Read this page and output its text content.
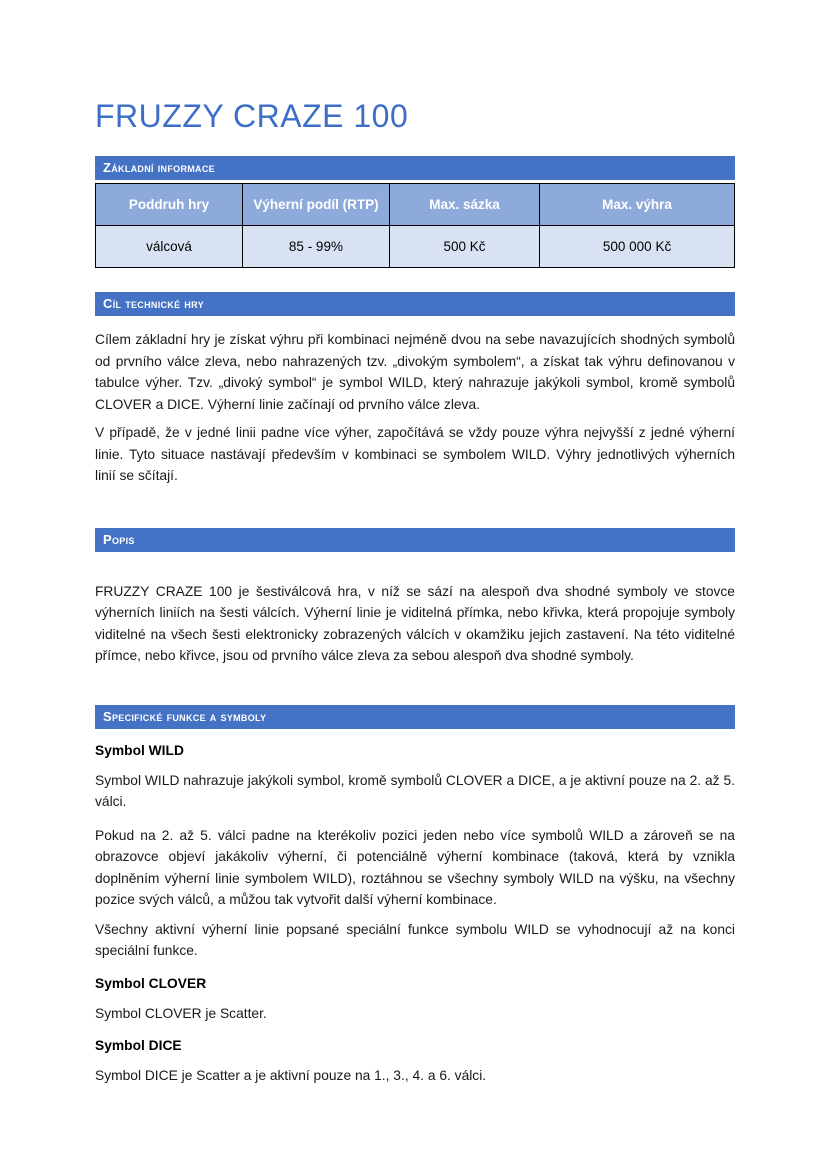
FRUZZY CRAZE 100
Základní informace
Poddruh hry	Výherní podíl (RTP)	Max. sázka	Max. výhra
válcová	85 - 99%	500 Kč	500 000 Kč
Cíl technické hry

Cílem základní hry je získat výhru při kombinaci nejméně dvou na sebe navazujících shodných symbolů od prvního válce zleva, nebo nahrazených tzv. „divokým symbolem“, a získat tak výhru definovanou v tabulce výher. Tzv. „divoký symbol“ je symbol WILD, který nahrazuje jakýkoli symbol, kromě symbolů CLOVER a DICE. Výherní linie začínají od prvního válce zleva.

V případě, že v jedné linii padne více výher, započítává se vždy pouze výhra nejvyšší z jedné výherní linie. Tyto situace nastávají především v kombinaci se symbolem WILD. Výhry jednotlivých výherních linií se sčítají.

Popis

FRUZZY CRAZE 100 je šestiválcová hra, v níž se sází na alespoň dva shodné symboly ve stovce výherních liniích na šesti válcích. Výherní linie je viditelná přímka, nebo křivka, která propojuje symboly viditelné na všech šesti elektronicky zobrazených válcích v okamžiku jejich zastavení. Na této viditelné přímce, nebo křivce, jsou od prvního válce zleva za sebou alespoň dva shodné symboly.

Specifické funkce a symboly
Symbol WILD

Symbol WILD nahrazuje jakýkoli symbol, kromě symbolů CLOVER a DICE, a je aktivní pouze na 2. až 5. válci.

Pokud na 2. až 5. válci padne na kterékoliv pozici jeden nebo více symbolů WILD a zároveň se na obrazovce objeví jakákoliv výherní, či potenciálně výherní kombinace (taková, která by vznikla doplněním výherní linie symbolem WILD), roztáhnou se všechny symboly WILD na výšku, na všechny pozice svých válců, a můžou tak vytvořit další výherní kombinace.

Všechny aktivní výherní linie popsané speciální funkce symbolu WILD se vyhodnocují až na konci speciální funkce.

Symbol CLOVER

Symbol CLOVER je Scatter.

Symbol DICE

Symbol DICE je Scatter a je aktivní pouze na 1., 3., 4. a 6. válci.
